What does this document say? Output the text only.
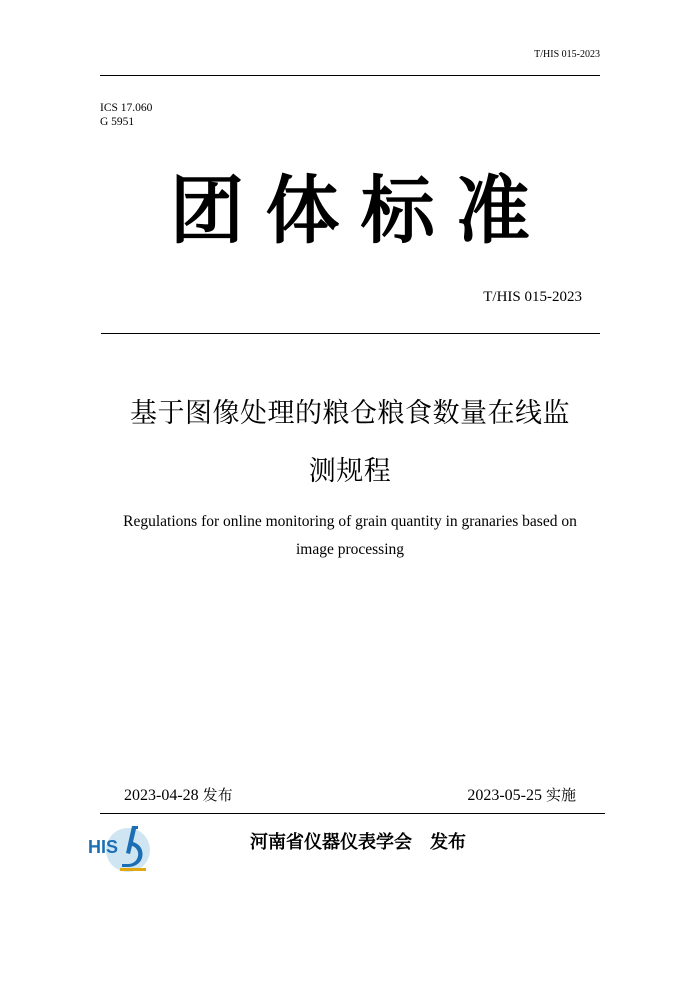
T/HIS 015-2023
ICS 17.060
G 5951
团 体 标 准
T/HIS 015-2023
基于图像处理的粮仓粮食数量在线监
测规程
Regulations for online monitoring of grain quantity in granaries based on
image processing
2023-04-28 发布	2023-05-25 实施
HIS	河南省仪器仪表学会 发布
